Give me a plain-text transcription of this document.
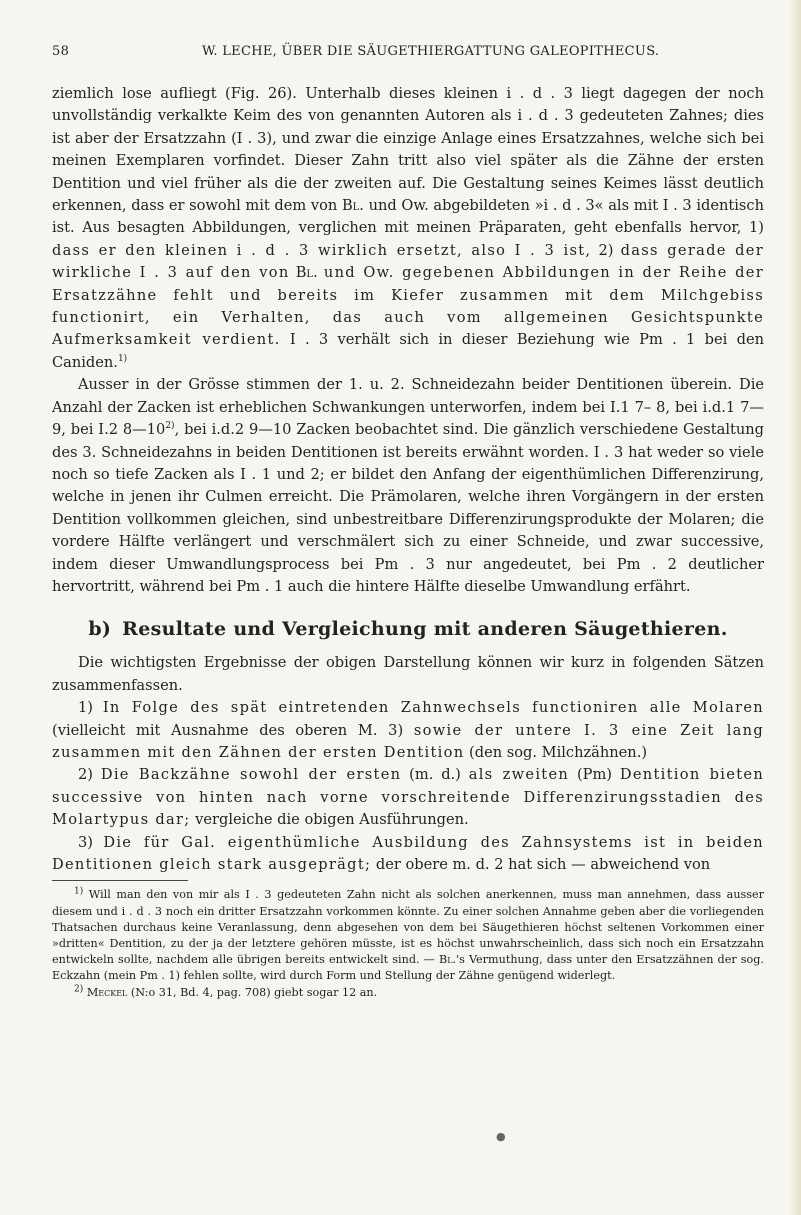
58	W. LECHE, ÜBER DIE SÄUGETHIERGATTUNG GALEOPITHECUS.

ziemlich lose aufliegt (Fig. 26). Unterhalb dieses kleinen i . d . 3 liegt dagegen der noch unvollständig verkalkte Keim des von genannten Autoren als i . d . 3 gedeuteten Zahnes; dies ist aber der Ersatzzahn (I . 3), und zwar die einzige Anlage eines Ersatzzahnes, welche sich bei meinen Exemplaren vorfindet. Dieser Zahn tritt also viel später als die Zähne der ersten Dentition und viel früher als die der zweiten auf. Die Gestaltung seines Keimes lässt deutlich erkennen, dass er sowohl mit dem von Bl. und Ow. abgebildeten »i . d . 3« als mit I . 3 identisch ist. Aus besagten Abbildungen, verglichen mit meinen Präparaten, geht ebenfalls hervor, 1) dass er den kleinen i . d . 3 wirklich ersetzt, also I . 3 ist, 2) dass gerade der wirkliche I . 3 auf den von Bl. und Ow. gegebenen Abbildungen in der Reihe der Ersatzzähne fehlt und bereits im Kiefer zusammen mit dem Milchgebiss functionirt, ein Verhalten, das auch vom allgemeinen Gesichtspunkte Aufmerksamkeit verdient. I . 3 verhält sich in dieser Beziehung wie Pm . 1 bei den Caniden.$^{1)}$

Ausser in der Grösse stimmen der 1. u. 2. Schneidezahn beider Dentitionen überein. Die Anzahl der Zacken ist erheblichen Schwankungen unterworfen, indem bei I.1 7– 8, bei i.d.1 7—9, bei I.2 8—10$^{2)}$, bei i.d.2 9—10 Zacken beobachtet sind. Die gänzlich verschiedene Gestaltung des 3. Schneidezahns in beiden Dentitionen ist bereits erwähnt worden. I . 3 hat weder so viele noch so tiefe Zacken als I . 1 und 2; er bildet den Anfang der eigenthümlichen Differenzirung, welche in jenen ihr Culmen erreicht. Die Prämolaren, welche ihren Vorgängern in der ersten Dentition vollkommen gleichen, sind unbestreitbare Differenzirungsprodukte der Molaren; die vordere Hälfte verlängert und verschmälert sich zu einer Schneide, und zwar successive, indem dieser Umwandlungsprocess bei Pm . 3 nur angedeutet, bei Pm . 2 deutlicher hervortritt, während bei Pm . 1 auch die hintere Hälfte dieselbe Umwandlung erfährt.

b) Resultate und Vergleichung mit anderen Säugethieren.

Die wichtigsten Ergebnisse der obigen Darstellung können wir kurz in folgenden Sätzen zusammenfassen.

1) In Folge des spät eintretenden Zahnwechsels functioniren alle Molaren (vielleicht mit Ausnahme des oberen M. 3) sowie der untere I. 3 eine Zeit lang zusammen mit den Zähnen der ersten Dentition (den sog. Milchzähnen.)

2) Die Backzähne sowohl der ersten (m. d.) als zweiten (Pm) Dentition bieten successive von hinten nach vorne vorschreitende Differenzirungsstadien des Molartypus dar; vergleiche die obigen Ausführungen.

3) Die für Gal. eigenthümliche Ausbildung des Zahnsystems ist in beiden Dentitionen gleich stark ausgeprägt; der obere m. d. 2 hat sich — abweichend von

$^{1)}$ Will man den von mir als I . 3 gedeuteten Zahn nicht als solchen anerkennen, muss man annehmen, dass ausser diesem und i . d . 3 noch ein dritter Ersatzzahn vorkommen könnte. Zu einer solchen Annahme geben aber die vorliegenden Thatsachen durchaus keine Veranlassung, denn abgesehen von dem bei Säugethieren höchst seltenen Vorkommen einer »dritten« Dentition, zu der ja der letztere gehören müsste, ist es höchst unwahrscheinlich, dass sich noch ein Ersatzzahn entwickeln sollte, nachdem alle übrigen bereits entwickelt sind. — Bl.'s Vermuthung, dass unter den Ersatzzähnen der sog. Eckzahn (mein Pm . 1) fehlen sollte, wird durch Form und Stellung der Zähne genügend widerlegt.

$^{2)}$ Meckel (N:o 31, Bd. 4, pag. 708) giebt sogar 12 an.

●
